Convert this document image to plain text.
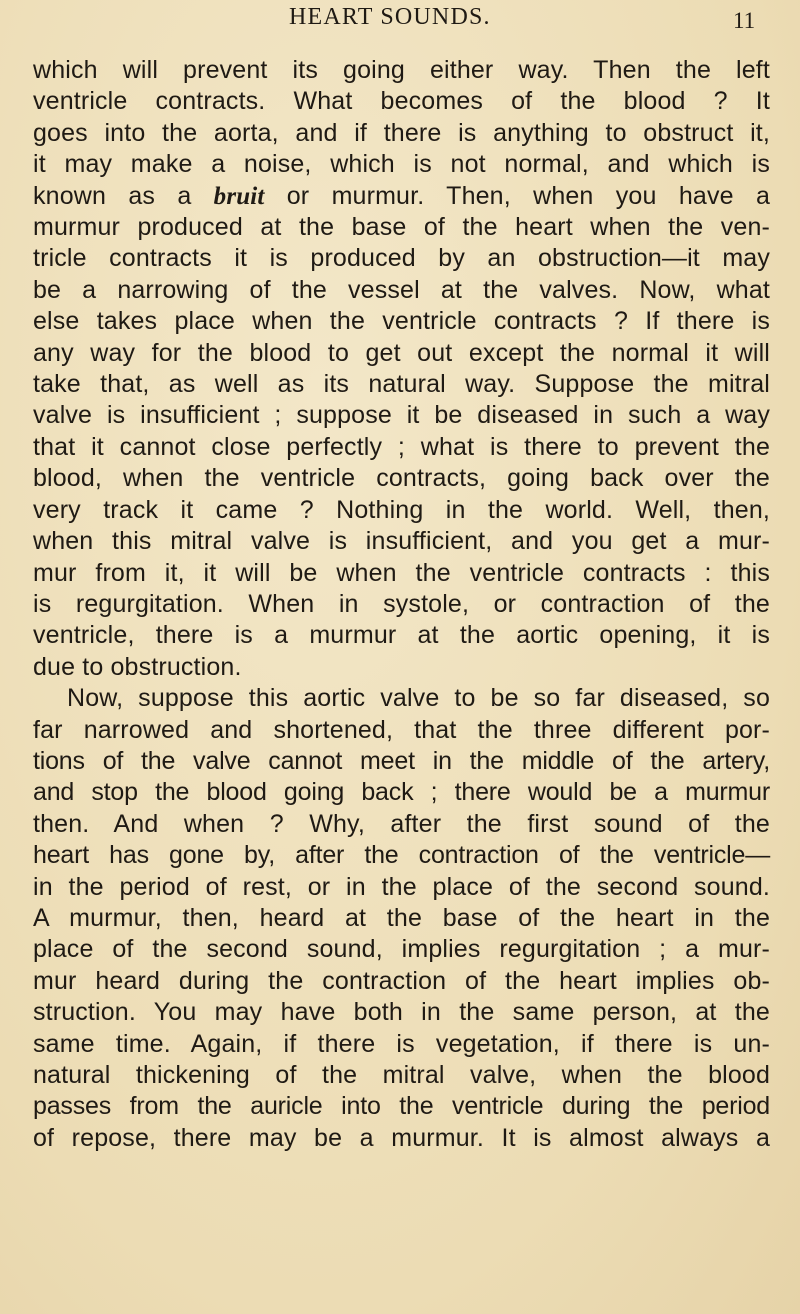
HEART SOUNDS.	11
which will prevent its going either way. Then the left
ventricle contracts. What becomes of the blood ? It
goes into the aorta, and if there is anything to obstruct it,
it may make a noise, which is not normal, and which is
known as a bruit or murmur. Then, when you have a
murmur produced at the base of the heart when the ven-
tricle contracts it is produced by an obstruction—it may
be a narrowing of the vessel at the valves. Now, what
else takes place when the ventricle contracts ? If there is
any way for the blood to get out except the normal it will
take that, as well as its natural way. Suppose the mitral
valve is insufficient ; suppose it be diseased in such a way
that it cannot close perfectly ; what is there to prevent the
blood, when the ventricle contracts, going back over the
very track it came ? Nothing in the world. Well, then,
when this mitral valve is insufficient, and you get a mur-
mur from it, it will be when the ventricle contracts : this
is regurgitation. When in systole, or contraction of the
ventricle, there is a murmur at the aortic opening, it is
due to obstruction.
Now, suppose this aortic valve to be so far diseased, so
far narrowed and shortened, that the three different por-
tions of the valve cannot meet in the middle of the artery,
and stop the blood going back ; there would be a murmur
then. And when ? Why, after the first sound of the
heart has gone by, after the contraction of the ventricle—
in the period of rest, or in the place of the second sound.
A murmur, then, heard at the base of the heart in the
place of the second sound, implies regurgitation ; a mur-
mur heard during the contraction of the heart implies ob-
struction. You may have both in the same person, at the
same time. Again, if there is vegetation, if there is un-
natural thickening of the mitral valve, when the blood
passes from the auricle into the ventricle during the period
of repose, there may be a murmur. It is almost always a
